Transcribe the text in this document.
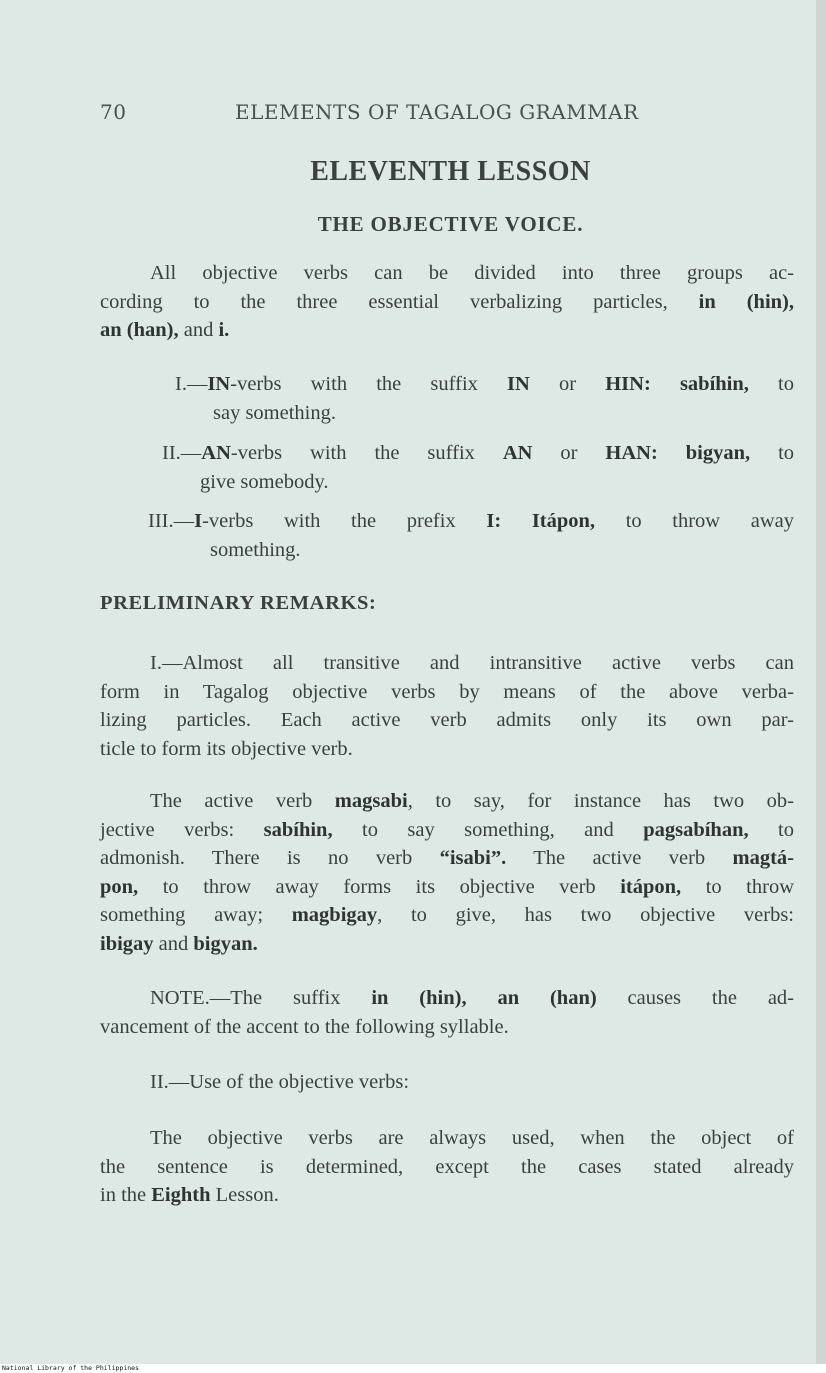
70	ELEMENTS OF TAGALOG GRAMMAR
ELEVENTH LESSON
THE OBJECTIVE VOICE.
All objective verbs can be divided into three groups ac-
cording to the three essential verbalizing particles, in (hin),
an (han), and i.
I.—IN-verbs with the suffix IN or HIN: sabíhin, to
say something.
II.—AN-verbs with the suffix AN or HAN: bigyan, to
give somebody.
III.—I-verbs with the prefix I: Itápon, to throw away
something.
PRELIMINARY REMARKS:
I.—Almost all transitive and intransitive active verbs can
form in Tagalog objective verbs by means of the above verba-
lizing particles. Each active verb admits only its own par-
ticle to form its objective verb.
The active verb magsabi, to say, for instance has two ob-
jective verbs: sabíhin, to say something, and pagsabíhan, to
admonish. There is no verb “isabi”. The active verb magtá-
pon, to throw away forms its objective verb itápon, to throw
something away; magbigay, to give, has two objective verbs:
ibigay and bigyan.
NOTE.—The suffix in (hin), an (han) causes the ad-
vancement of the accent to the following syllable.
II.—Use of the objective verbs:
The objective verbs are always used, when the object of
the sentence is determined, except the cases stated already
in the Eighth Lesson.
National Library of the Philippines
